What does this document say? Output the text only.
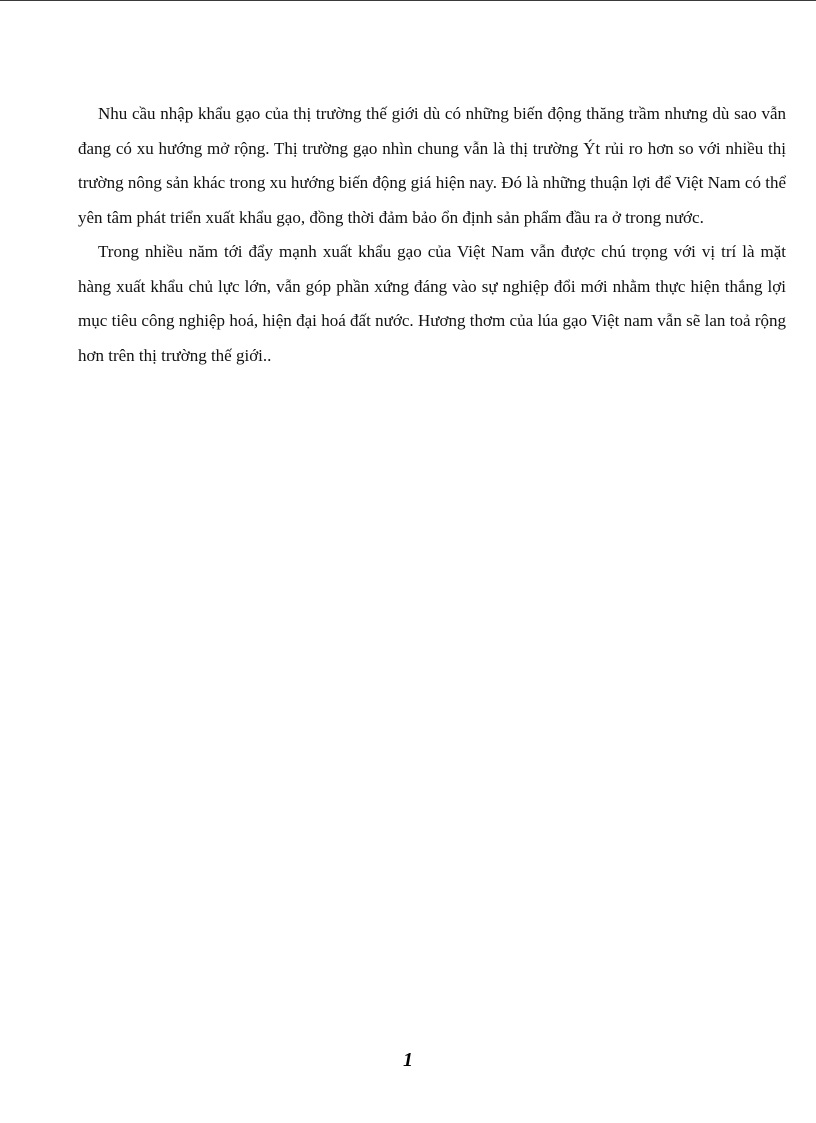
Nhu cầu nhập khẩu gạo của thị trường thế giới dù có những biến động thăng trầm nhưng dù sao vẫn đang có xu hướng mở rộng. Thị trường gạo nhìn chung vẫn là thị trường Ýt rủi ro hơn so với nhiều thị trường nông sản khác trong xu hướng biến động giá hiện nay. Đó là những thuận lợi để Việt Nam có thể yên tâm phát triển xuất khẩu gạo, đồng thời đảm bảo ổn định sản phẩm đầu ra ở trong nước.

Trong nhiều năm tới đẩy mạnh xuất khẩu gạo của Việt Nam vẫn được chú trọng với vị trí là mặt hàng xuất khẩu chủ lực lớn, vẫn góp phần xứng đáng vào sự nghiệp đổi mới nhằm thực hiện thắng lợi mục tiêu công nghiệp hoá, hiện đại hoá đất nước. Hương thơm của lúa gạo Việt nam vẫn sẽ lan toả rộng hơn trên thị trường thế giới..

1
